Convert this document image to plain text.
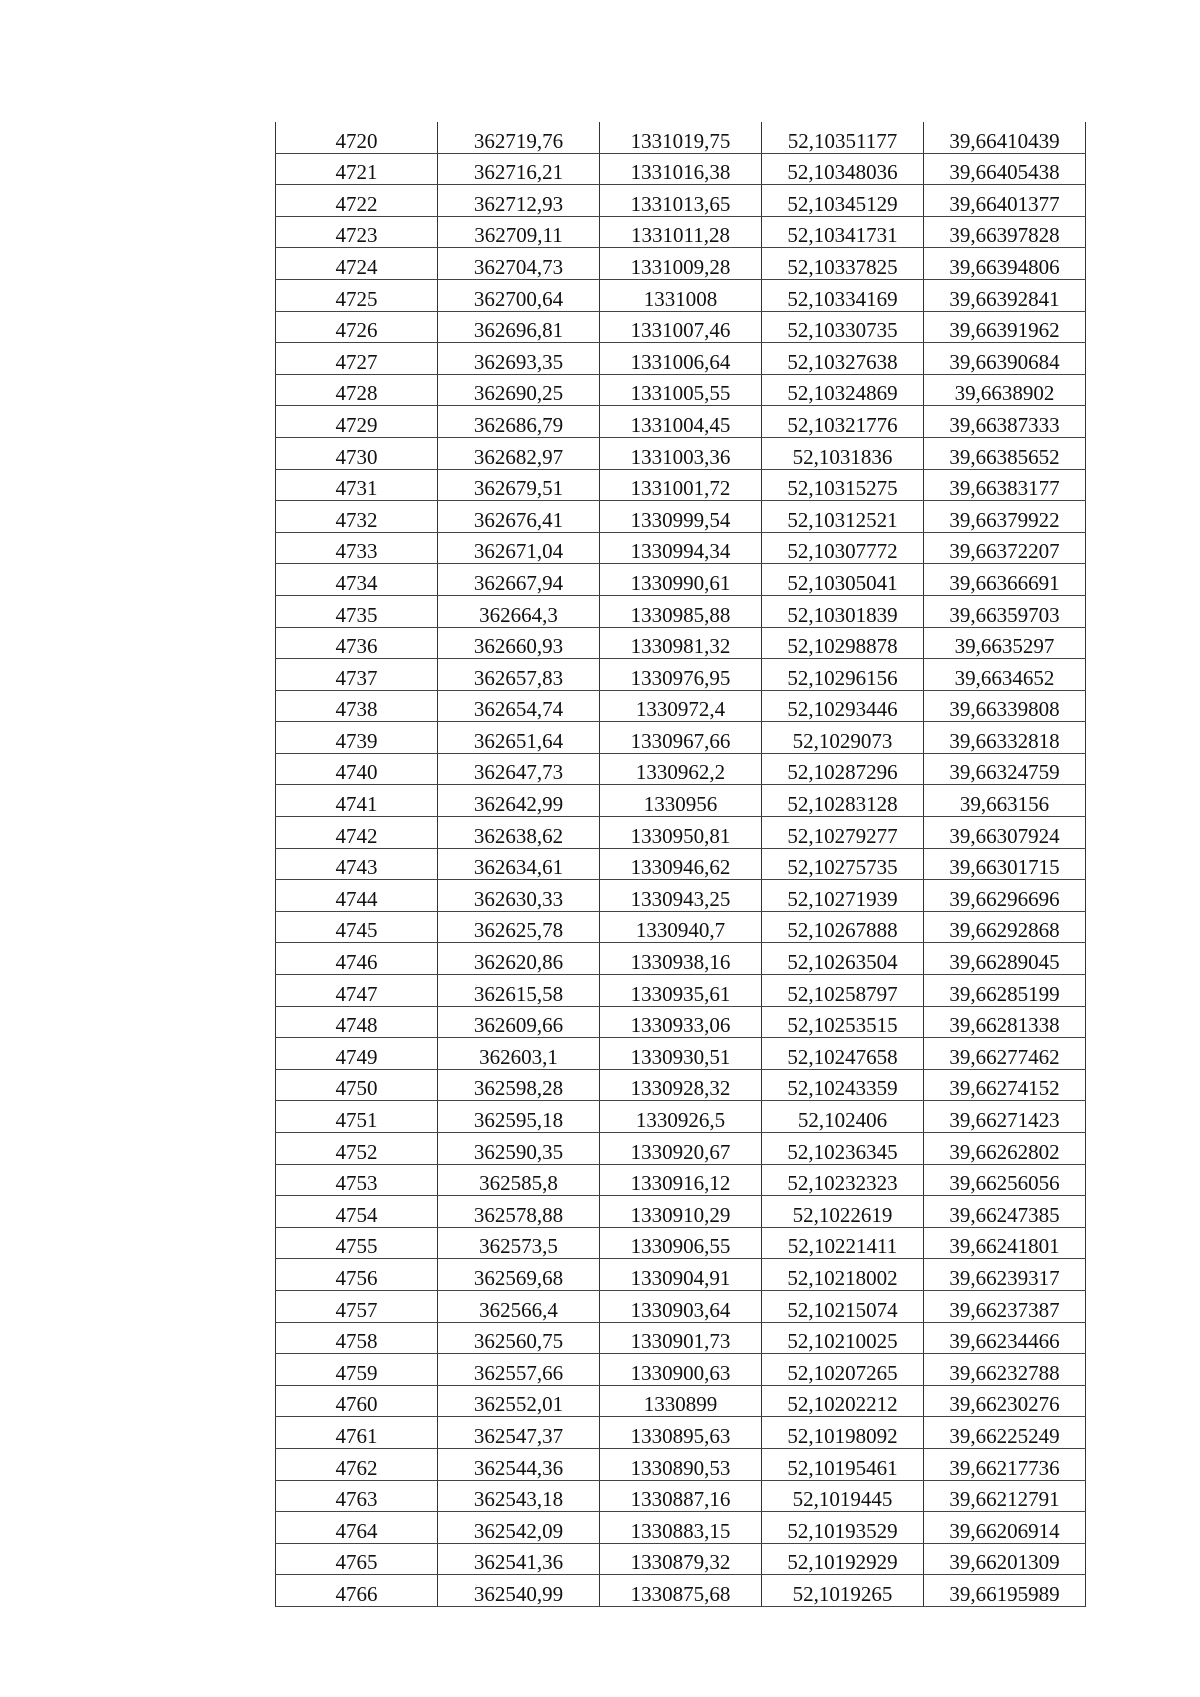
4720	362719,76	1331019,75	52,10351177	39,66410439
4721	362716,21	1331016,38	52,10348036	39,66405438
4722	362712,93	1331013,65	52,10345129	39,66401377
4723	362709,11	1331011,28	52,10341731	39,66397828
4724	362704,73	1331009,28	52,10337825	39,66394806
4725	362700,64	1331008	52,10334169	39,66392841
4726	362696,81	1331007,46	52,10330735	39,66391962
4727	362693,35	1331006,64	52,10327638	39,66390684
4728	362690,25	1331005,55	52,10324869	39,6638902
4729	362686,79	1331004,45	52,10321776	39,66387333
4730	362682,97	1331003,36	52,1031836	39,66385652
4731	362679,51	1331001,72	52,10315275	39,66383177
4732	362676,41	1330999,54	52,10312521	39,66379922
4733	362671,04	1330994,34	52,10307772	39,66372207
4734	362667,94	1330990,61	52,10305041	39,66366691
4735	362664,3	1330985,88	52,10301839	39,66359703
4736	362660,93	1330981,32	52,10298878	39,6635297
4737	362657,83	1330976,95	52,10296156	39,6634652
4738	362654,74	1330972,4	52,10293446	39,66339808
4739	362651,64	1330967,66	52,1029073	39,66332818
4740	362647,73	1330962,2	52,10287296	39,66324759
4741	362642,99	1330956	52,10283128	39,663156
4742	362638,62	1330950,81	52,10279277	39,66307924
4743	362634,61	1330946,62	52,10275735	39,66301715
4744	362630,33	1330943,25	52,10271939	39,66296696
4745	362625,78	1330940,7	52,10267888	39,66292868
4746	362620,86	1330938,16	52,10263504	39,66289045
4747	362615,58	1330935,61	52,10258797	39,66285199
4748	362609,66	1330933,06	52,10253515	39,66281338
4749	362603,1	1330930,51	52,10247658	39,66277462
4750	362598,28	1330928,32	52,10243359	39,66274152
4751	362595,18	1330926,5	52,102406	39,66271423
4752	362590,35	1330920,67	52,10236345	39,66262802
4753	362585,8	1330916,12	52,10232323	39,66256056
4754	362578,88	1330910,29	52,1022619	39,66247385
4755	362573,5	1330906,55	52,10221411	39,66241801
4756	362569,68	1330904,91	52,10218002	39,66239317
4757	362566,4	1330903,64	52,10215074	39,66237387
4758	362560,75	1330901,73	52,10210025	39,66234466
4759	362557,66	1330900,63	52,10207265	39,66232788
4760	362552,01	1330899	52,10202212	39,66230276
4761	362547,37	1330895,63	52,10198092	39,66225249
4762	362544,36	1330890,53	52,10195461	39,66217736
4763	362543,18	1330887,16	52,1019445	39,66212791
4764	362542,09	1330883,15	52,10193529	39,66206914
4765	362541,36	1330879,32	52,10192929	39,66201309
4766	362540,99	1330875,68	52,1019265	39,66195989
